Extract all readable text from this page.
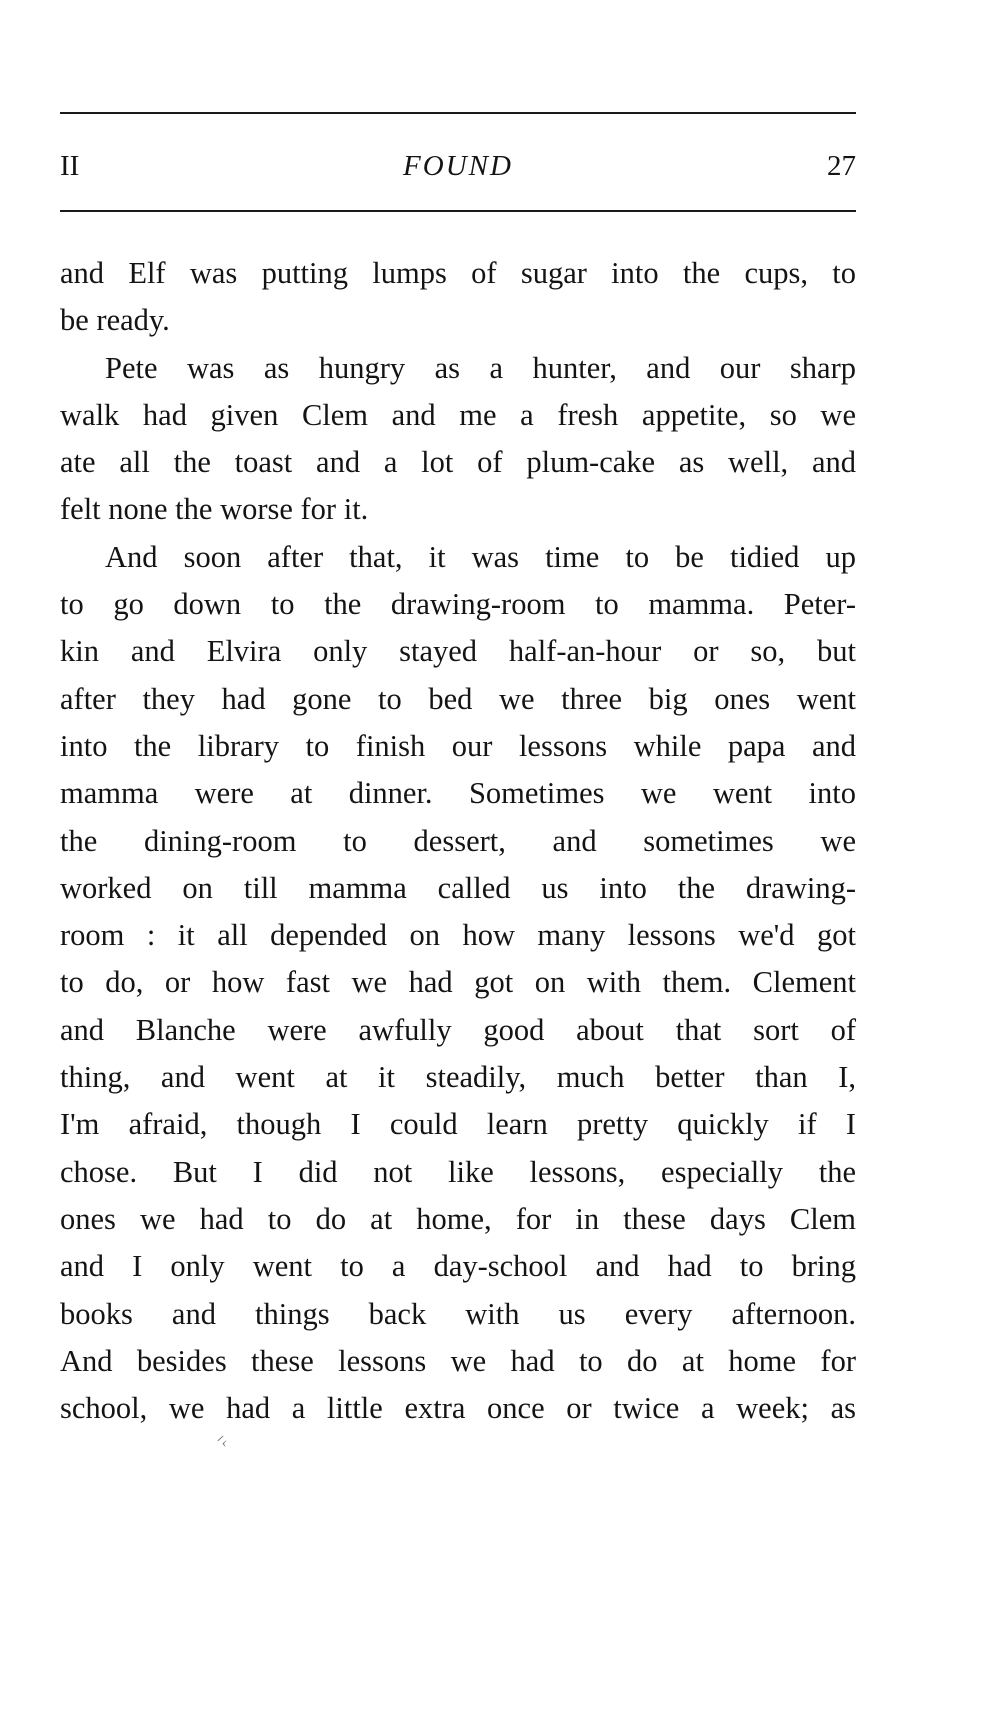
II	FOUND	27

and Elf was putting lumps of sugar into the cups, to
be ready.

Pete was as hungry as a hunter, and our sharp
walk had given Clem and me a fresh appetite, so we
ate all the toast and a lot of plum-cake as well, and
felt none the worse for it.

And soon after that, it was time to be tidied up
to go down to the drawing-room to mamma. Peter-
kin and Elvira only stayed half-an-hour or so, but
after they had gone to bed we three big ones went
into the library to finish our lessons while papa and
mamma were at dinner. Sometimes we went into
the dining-room to dessert, and sometimes we
worked on till mamma called us into the drawing-
room : it all depended on how many lessons we'd got
to do, or how fast we had got on with them. Clement
and Blanche were awfully good about that sort of
thing, and went at it steadily, much better than I,
I'm afraid, though I could learn pretty quickly if I
chose. But I did not like lessons, especially the
ones we had to do at home, for in these days Clem
and I only went to a day-school and had to bring
books and things back with us every afternoon.
And besides these lessons we had to do at home for
school, we had a little extra once or twice a week; as

ᐟ‹
